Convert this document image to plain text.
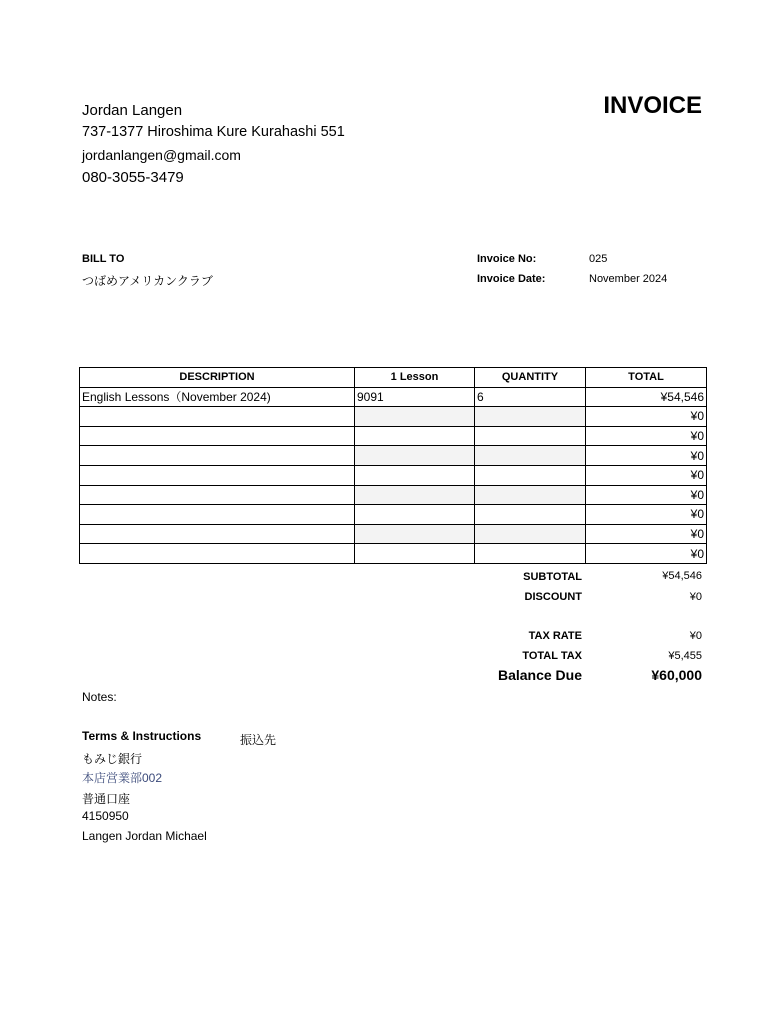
Jordan Langen
737-1377 Hiroshima Kure Kurahashi 551
jordanlangen@gmail.com
080-3055-3479
INVOICE
BILL TO
つばめアメリカンクラブ
Invoice No:	025
Invoice Date:	November 2024
DESCRIPTION	1 Lesson	QUANTITY	TOTAL
English Lessons（November 2024)	9091	6	¥54,546
			¥0
			¥0
			¥0
			¥0
			¥0
			¥0
			¥0
			¥0
SUBTOTAL	¥54,546
DISCOUNT	¥0
TAX RATE	¥0
TOTAL TAX	¥5,455
Balance Due	¥60,000
Notes:
Terms & Instructions	振込先
もみじ銀行
本店営業部002
普通口座
4150950
Langen Jordan Michael
